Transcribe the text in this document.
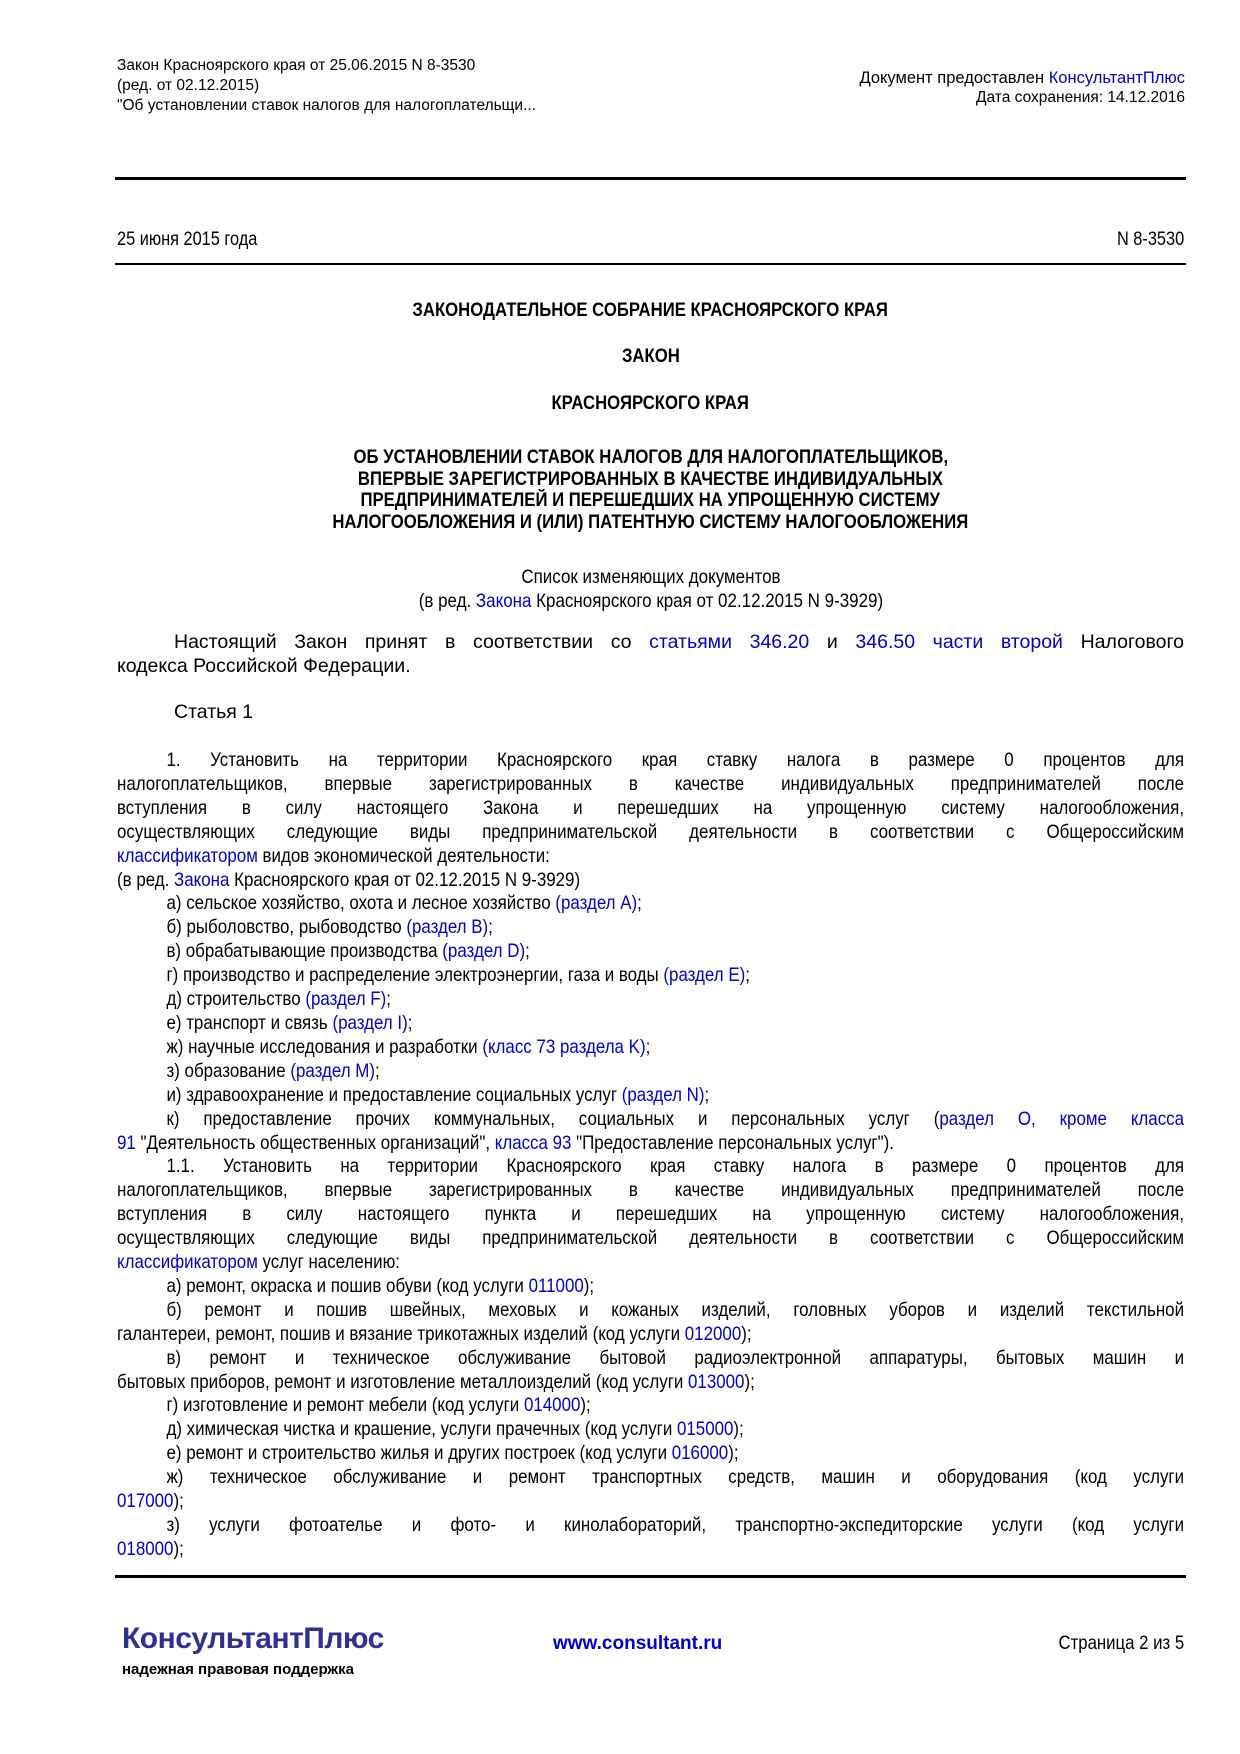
Закон Красноярского края от 25.06.2015 N 8-3530
(ред. от 02.12.2015)
"Об установлении ставок налогов для налогоплательщи...
Документ предоставлен КонсультантПлюс
Дата сохранения: 14.12.2016
25 июня 2015 года	N 8-3530
ЗАКОНОДАТЕЛЬНОЕ СОБРАНИЕ КРАСНОЯРСКОГО КРАЯ
ЗАКОН
КРАСНОЯРСКОГО КРАЯ
ОБ УСТАНОВЛЕНИИ СТАВОК НАЛОГОВ ДЛЯ НАЛОГОПЛАТЕЛЬЩИКОВ,
ВПЕРВЫЕ ЗАРЕГИСТРИРОВАННЫХ В КАЧЕСТВЕ ИНДИВИДУАЛЬНЫХ
ПРЕДПРИНИМАТЕЛЕЙ И ПЕРЕШЕДШИХ НА УПРОЩЕННУЮ СИСТЕМУ
НАЛОГООБЛОЖЕНИЯ И (ИЛИ) ПАТЕНТНУЮ СИСТЕМУ НАЛОГООБЛОЖЕНИЯ
Список изменяющих документов
(в ред. Закона Красноярского края от 02.12.2015 N 9-3929)
Настоящий Закон принят в соответствии со статьями 346.20 и 346.50 части второй Налогового
кодекса Российской Федерации.
Статья 1
1. Установить на территории Красноярского края ставку налога в размере 0 процентов для
налогоплательщиков, впервые зарегистрированных в качестве индивидуальных предпринимателей после
вступления в силу настоящего Закона и перешедших на упрощенную систему налогообложения,
осуществляющих следующие виды предпринимательской деятельности в соответствии с Общероссийским
классификатором видов экономической деятельности:
(в ред. Закона Красноярского края от 02.12.2015 N 9-3929)
а) сельское хозяйство, охота и лесное хозяйство (раздел А);
б) рыболовство, рыбоводство (раздел B);
в) обрабатывающие производства (раздел D);
г) производство и распределение электроэнергии, газа и воды (раздел E);
д) строительство (раздел F);
е) транспорт и связь (раздел I);
ж) научные исследования и разработки (класс 73 раздела K);
з) образование (раздел M);
и) здравоохранение и предоставление социальных услуг (раздел N);
к) предоставление прочих коммунальных, социальных и персональных услуг (раздел O, кроме класса
91 "Деятельность общественных организаций", класса 93 "Предоставление персональных услуг").
1.1. Установить на территории Красноярского края ставку налога в размере 0 процентов для
налогоплательщиков, впервые зарегистрированных в качестве индивидуальных предпринимателей после
вступления в силу настоящего пункта и перешедших на упрощенную систему налогообложения,
осуществляющих следующие виды предпринимательской деятельности в соответствии с Общероссийским
классификатором услуг населению:
а) ремонт, окраска и пошив обуви (код услуги 011000);
б) ремонт и пошив швейных, меховых и кожаных изделий, головных уборов и изделий текстильной
галантереи, ремонт, пошив и вязание трикотажных изделий (код услуги 012000);
в) ремонт и техническое обслуживание бытовой радиоэлектронной аппаратуры, бытовых машин и
бытовых приборов, ремонт и изготовление металлоизделий (код услуги 013000);
г) изготовление и ремонт мебели (код услуги 014000);
д) химическая чистка и крашение, услуги прачечных (код услуги 015000);
е) ремонт и строительство жилья и других построек (код услуги 016000);
ж) техническое обслуживание и ремонт транспортных средств, машин и оборудования (код услуги
017000);
з) услуги фотоателье и фото- и кинолабораторий, транспортно-экспедиторские услуги (код услуги
018000);
КонсультантПлюс
надежная правовая поддержка
www.consultant.ru	Страница 2 из 5
